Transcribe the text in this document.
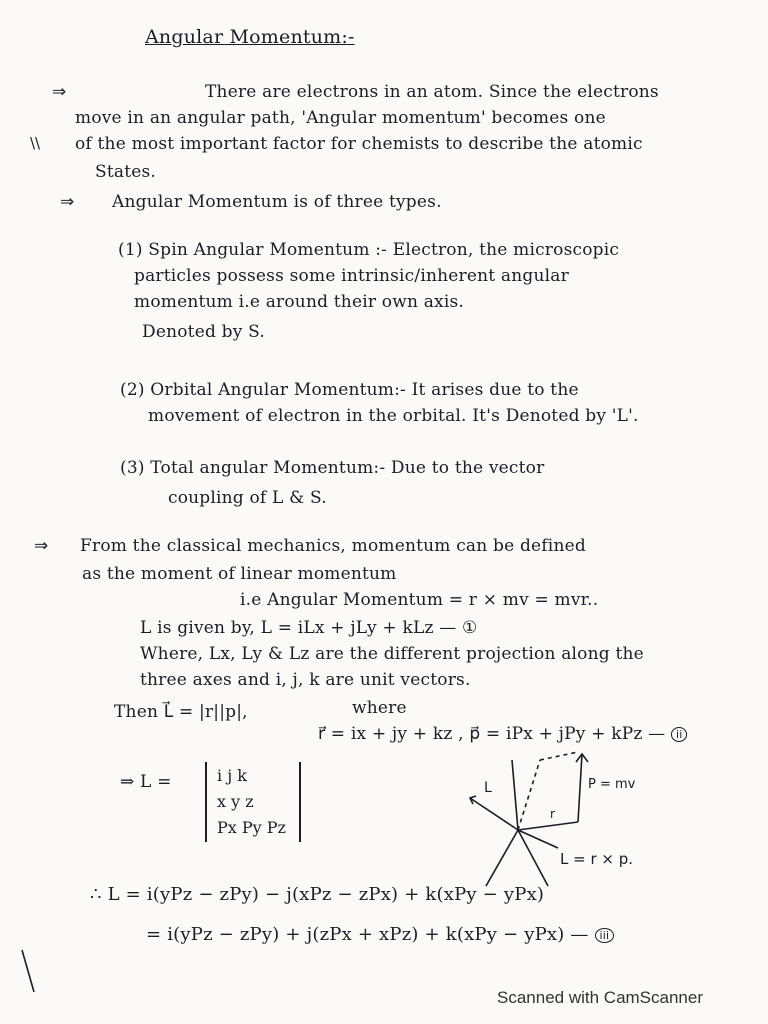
Angular Momentum:-
⇒	There are electrons in an atom. Since the electrons
move in an angular path, 'Angular momentum' becomes one
\\ of the most important factor for chemists to describe the atomic
States.
⇒ Angular Momentum is of three types.
(1) Spin Angular Momentum :- Electron, the microscopic
particles possess some intrinsic/inherent angular
momentum i.e around their own axis.
Denoted by S.
(2) Orbital Angular Momentum:- It arises due to the
movement of electron in the orbital. It's Denoted by 'L'.
(3) Total angular Momentum:- Due to the vector
coupling of L & S.
⇒ From the classical mechanics, momentum can be defined
as the moment of linear momentum
i.e Angular Momentum = r × mv = mvr..
L is given by, L = iLx + jLy + kLz — ①
Where, Lx, Ly & Lz are the different projection along the
three axes and i, j, k are unit vectors.
Then L⃗ = |r||p|,	where
r⃗ = ix + jy + kz , p⃗ = iPx + jPy + kPz — ii
⇒ L =	i j k
x y z
Px Py Pz
P = mv
L
r
L = r × p.
∴ L = i(yPz − zPy) − j(xPz − zPx) + k(xPy − yPx)
= i(yPz − zPy) + j(zPx + xPz) + k(xPy − yPx) — iii
Scanned with CamScanner
